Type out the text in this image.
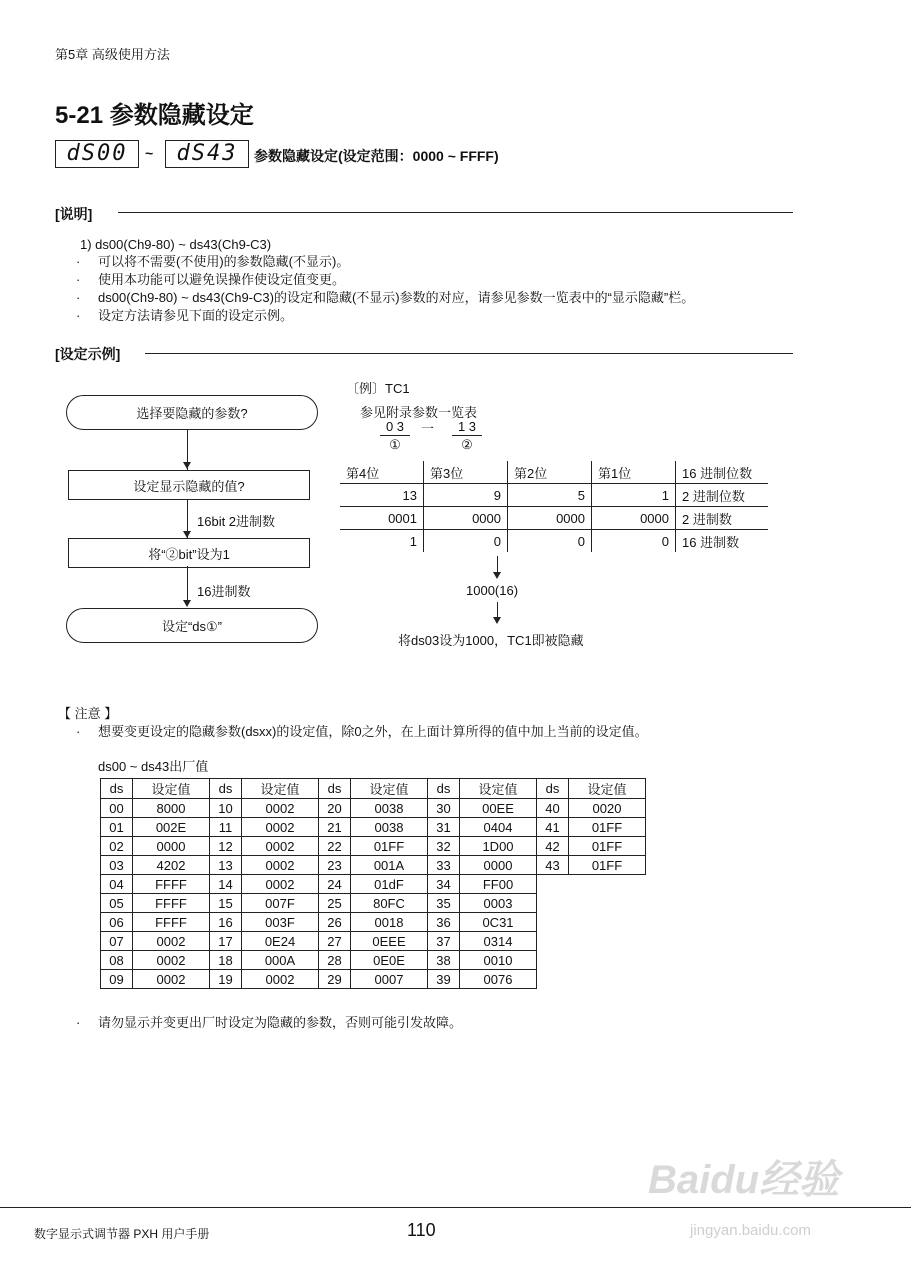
第5章 高级使用方法
5-21 参数隐藏设定
dS00	~	dS43	参数隐藏设定(设定范围：0000 ~ FFFF)
[说明]
1) ds00(Ch9-80) ~ ds43(Ch9-C3)
· 可以将不需要(不使用)的参数隐藏(不显示)。
· 使用本功能可以避免误操作使设定值变更。
· ds00(Ch9-80) ~ ds43(Ch9-C3)的设定和隐藏(不显示)参数的对应，请参见参数一览表中的“显示隐藏”栏。
· 设定方法请参见下面的设定示例。
[设定示例]
选择要隐藏的参数?
设定显示隐藏的值?
16bit 2进制数
将“②bit”设为1
16进制数
设定“ds①”
〔例〕TC1
参见附录参数一览表
0 3	一	1 3
①	②
第4位	第3位	第2位	第1位	16 进制位数
13	9	5	1	2 进制位数
0001	0000	0000	0000	2 进制数
1	0	0	0	16 进制数
1000(16)
将ds03设为1000，TC1即被隐藏
【 注意 】
· 想要变更设定的隐藏参数(dsxx)的设定值，除0之外，在上面计算所得的值中加上当前的设定值。
ds00 ~ ds43出厂值
ds	设定值	ds	设定值	ds	设定值	ds	设定值	ds	设定值
00	8000	10	0002	20	0038	30	00EE	40	0020
01	002E	11	0002	21	0038	31	0404	41	01FF
02	0000	12	0002	22	01FF	32	1D00	42	01FF
03	4202	13	0002	23	001A	33	0000	43	01FF
04	FFFF	14	0002	24	01dF	34	FF00		
05	FFFF	15	007F	25	80FC	35	0003		
06	FFFF	16	003F	26	0018	36	0C31		
07	0002	17	0E24	27	0EEE	37	0314		
08	0002	18	000A	28	0E0E	38	0010		
09	0002	19	0002	29	0007	39	0076		
· 请勿显示并变更出厂时设定为隐藏的参数，否则可能引发故障。
Baidu经验
jingyan.baidu.com
数字显示式调节器 PXH 用户手册	110
